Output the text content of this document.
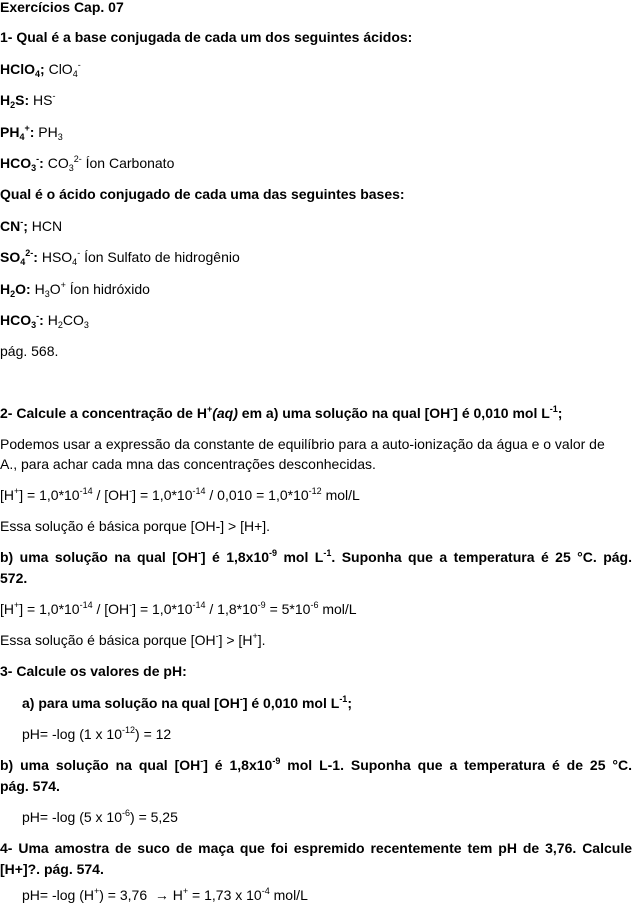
Exercícios Cap. 07
1- Qual é a base conjugada de cada um dos seguintes ácidos:
HClO$_4$; ClO$_4$-
$H_2S$: HS-
$PH_4^+$: $PH_3$
$HCO_3^-$: $CO_3^{2-}$ Íon Carbonato
Qual é o ácido conjugado de cada uma das seguintes bases:
CN-; HCN
$SO_4^{2-}$: $HSO_4^-$ Íon Sulfato de hidrogênio
$H_2O$: $H_3O^+$ Íon hidróxido
$HCO_3^-$: $H_2CO_3$
pág. 568.
2- Calcule a concentração de H+(aq) em a) uma solução na qual [OH-] é 0,010 mol $L^{-1}$;
Podemos usar a expressão da constante de equilíbrio para a auto-ionização da água e o valor de
A., para achar cada mna das concentrações desconhecidas.
$[H^+] = 1,0*10^{-14} / [OH^-] = 1,0*10^{-14} / 0,010 = 1,0*10^{-12}$ mol/L
Essa solução é básica porque [OH-] > [H+].
b) uma solução na qual [OH-] é $1,8x10^{-9}$ mol $L^{-1}$. Suponha que a temperatura é 25 °C. pág.
572.
$[H^+] = 1,0*10^{-14} / [OH^-] = 1,0*10^{-14} / 1,8*10^{-9} = 5*10^{-6}$ mol/L
Essa solução é básica porque [OH-] > [H+].
3- Calcule os valores de pH:
a) para uma solução na qual [OH-] é 0,010 mol $L^{-1}$;
pH= -log (1 x $10^{-12}) = 12$
b) uma solução na qual [OH-] é $1,8x10^{-9}$ mol L-1. Suponha que a temperatura é de 25 °C.
pág. 574.
pH= -log (5 x $10^{-6}) = 5,25$
4- Uma amostra de suco de maça que foi espremido recentemente tem pH de 3,76. Calcule
[H+]?. pág. 574.
pH= -log (H+) = 3,76 → H+ = 1,73 x $10^{-4}$ mol/L
